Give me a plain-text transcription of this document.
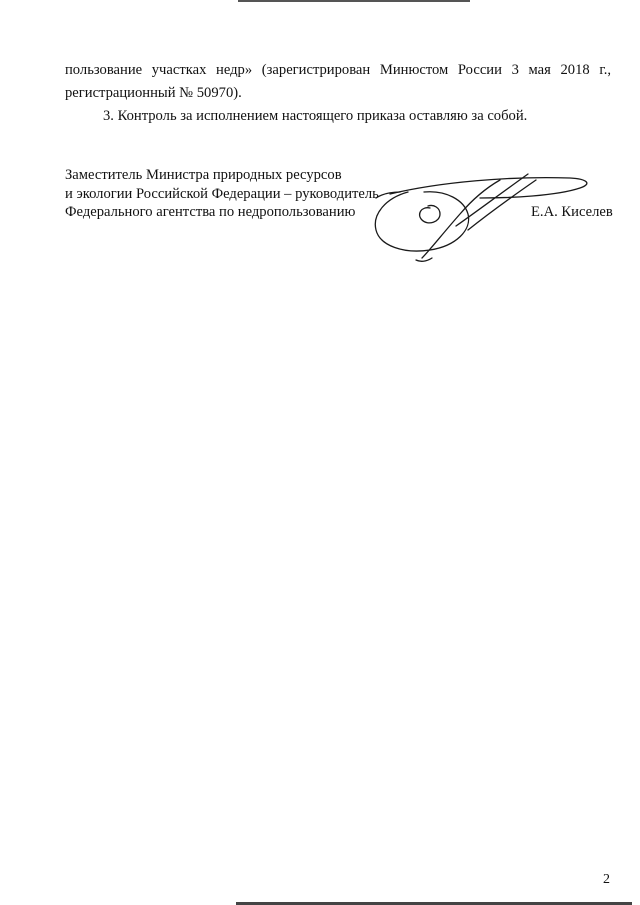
пользование участках недр» (зарегистрирован Минюстом России 3 мая 2018 г.,
регистрационный № 50970).

3. Контроль за исполнением настоящего приказа оставляю за собой.

Заместитель Министра природных ресурсов
и экологии Российской Федерации – руководитель
Федерального агентства по недропользованию	Е.А. Киселев
2
